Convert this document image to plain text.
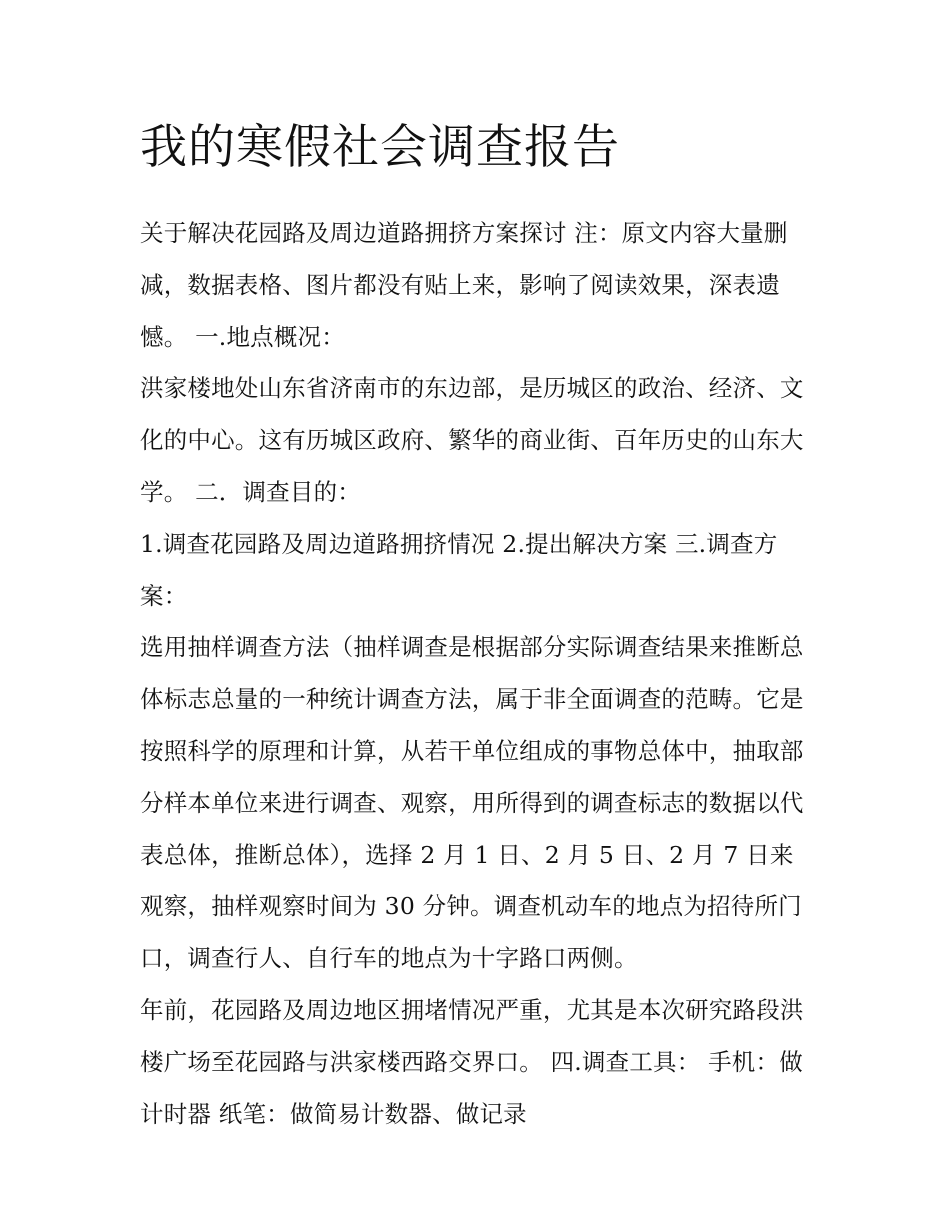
我的寒假社会调查报告

关于解决花园路及周边道路拥挤方案探讨 注：原文内容大量删减，数据表格、图片都没有贴上来，影响了阅读效果，深表遗憾。 一.地点概况：

洪家楼地处山东省济南市的东边部，是历城区的政治、经济、文化的中心。这有历城区政府、繁华的商业街、百年历史的山东大学。 二．调查目的：

1.调查花园路及周边道路拥挤情况 2.提出解决方案 三.调查方案：

选用抽样调查方法（抽样调查是根据部分实际调查结果来推断总体标志总量的一种统计调查方法，属于非全面调查的范畴。它是按照科学的原理和计算，从若干单位组成的事物总体中，抽取部分样本单位来进行调查、观察，用所得到的调查标志的数据以代表总体，推断总体），选择 2 月 1 日、2 月 5 日、2 月 7 日来观察，抽样观察时间为 30 分钟。调查机动车的地点为招待所门口，调查行人、自行车的地点为十字路口两侧。

年前，花园路及周边地区拥堵情况严重，尤其是本次研究路段洪楼广场至花园路与洪家楼西路交界口。 四.调查工具： 手机：做计时器 纸笔：做简易计数器、做记录
